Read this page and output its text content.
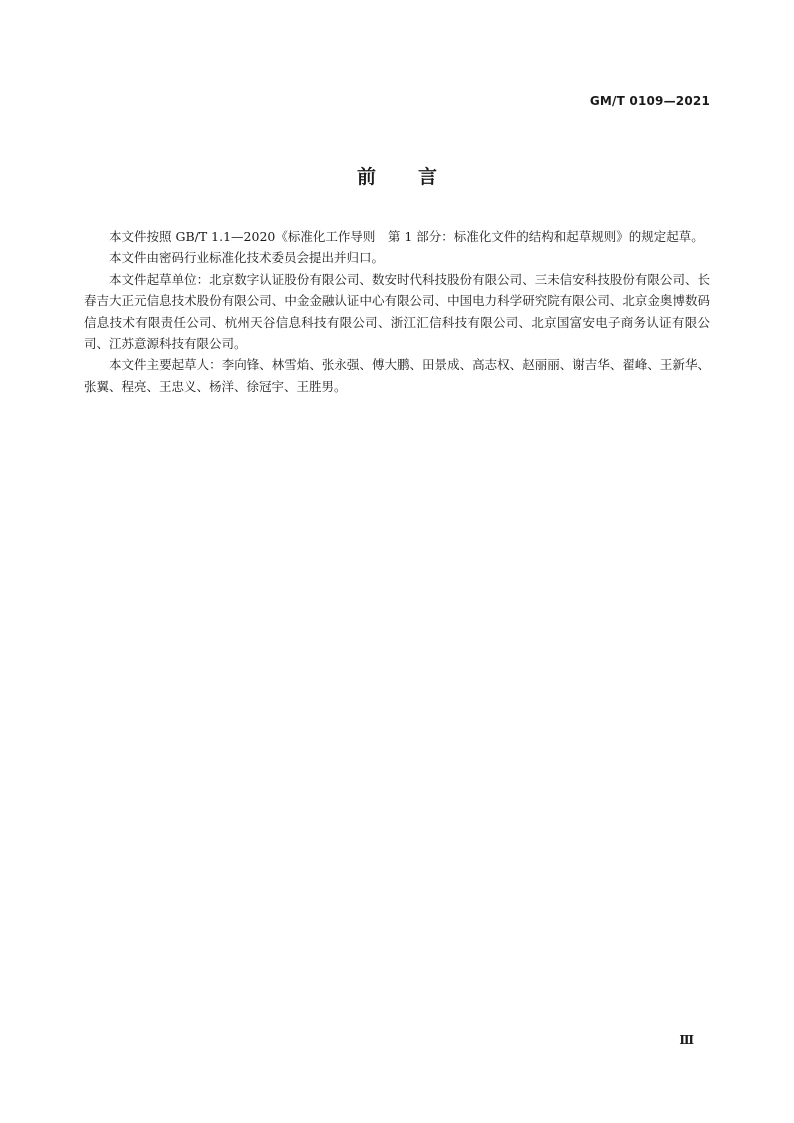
GM/T 0109—2021
前言

本文件按照 GB/T 1.1—2020《标准化工作导则　第 1 部分：标准化文件的结构和起草规则》的规定起草。

本文件由密码行业标准化技术委员会提出并归口。

本文件起草单位：北京数字认证股份有限公司、数安时代科技股份有限公司、三未信安科技股份有限公司、长春吉大正元信息技术股份有限公司、中金金融认证中心有限公司、中国电力科学研究院有限公司、北京金奥博数码信息技术有限责任公司、杭州天谷信息科技有限公司、浙江汇信科技有限公司、北京国富安电子商务认证有限公司、江苏意源科技有限公司。

本文件主要起草人：李向锋、林雪焰、张永强、傅大鹏、田景成、高志权、赵丽丽、谢吉华、翟峰、王新华、张翼、程亮、王忠义、杨洋、徐冠宇、王胜男。

Ⅲ
